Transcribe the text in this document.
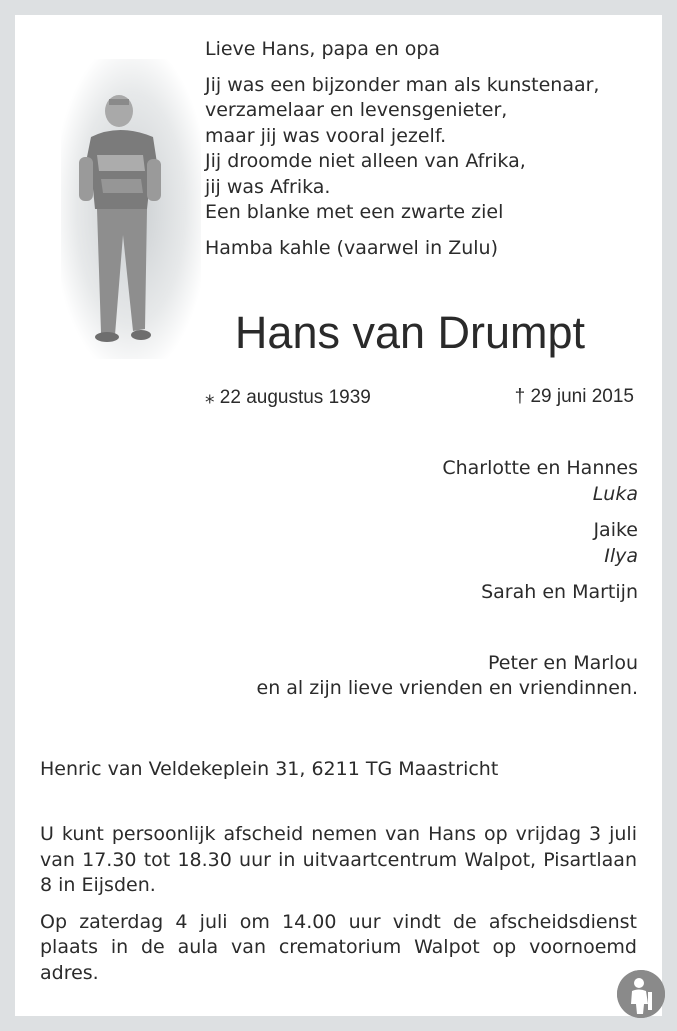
Lieve Hans, papa en opa

Jij was een bijzonder man als kunstenaar,

verzamelaar en levensgenieter,

maar jij was vooral jezelf.

Jij droomde niet alleen van Afrika,

jij was Afrika.

Een blanke met een zwarte ziel

Hamba kahle (vaarwel in Zulu)

Hans van Drumpt
⁎ 22 augustus 1939	† 29 juni 2015

Charlotte en Hannes

Luka

Jaike

Ilya

Sarah en Martijn

Peter en Marlou

en al zijn lieve vrienden en vriendinnen.

Henric van Veldekeplein 31, 6211 TG Maastricht

U kunt persoonlijk afscheid nemen van Hans op vrijdag 3 juli van 17.30 tot 18.30 uur in uitvaartcentrum Walpot, Pisartlaan 8 in Eijsden.

Op zaterdag 4 juli om 14.00 uur vindt de afscheidsdienst plaats in de aula van crematorium Walpot op voornoemd adres.
